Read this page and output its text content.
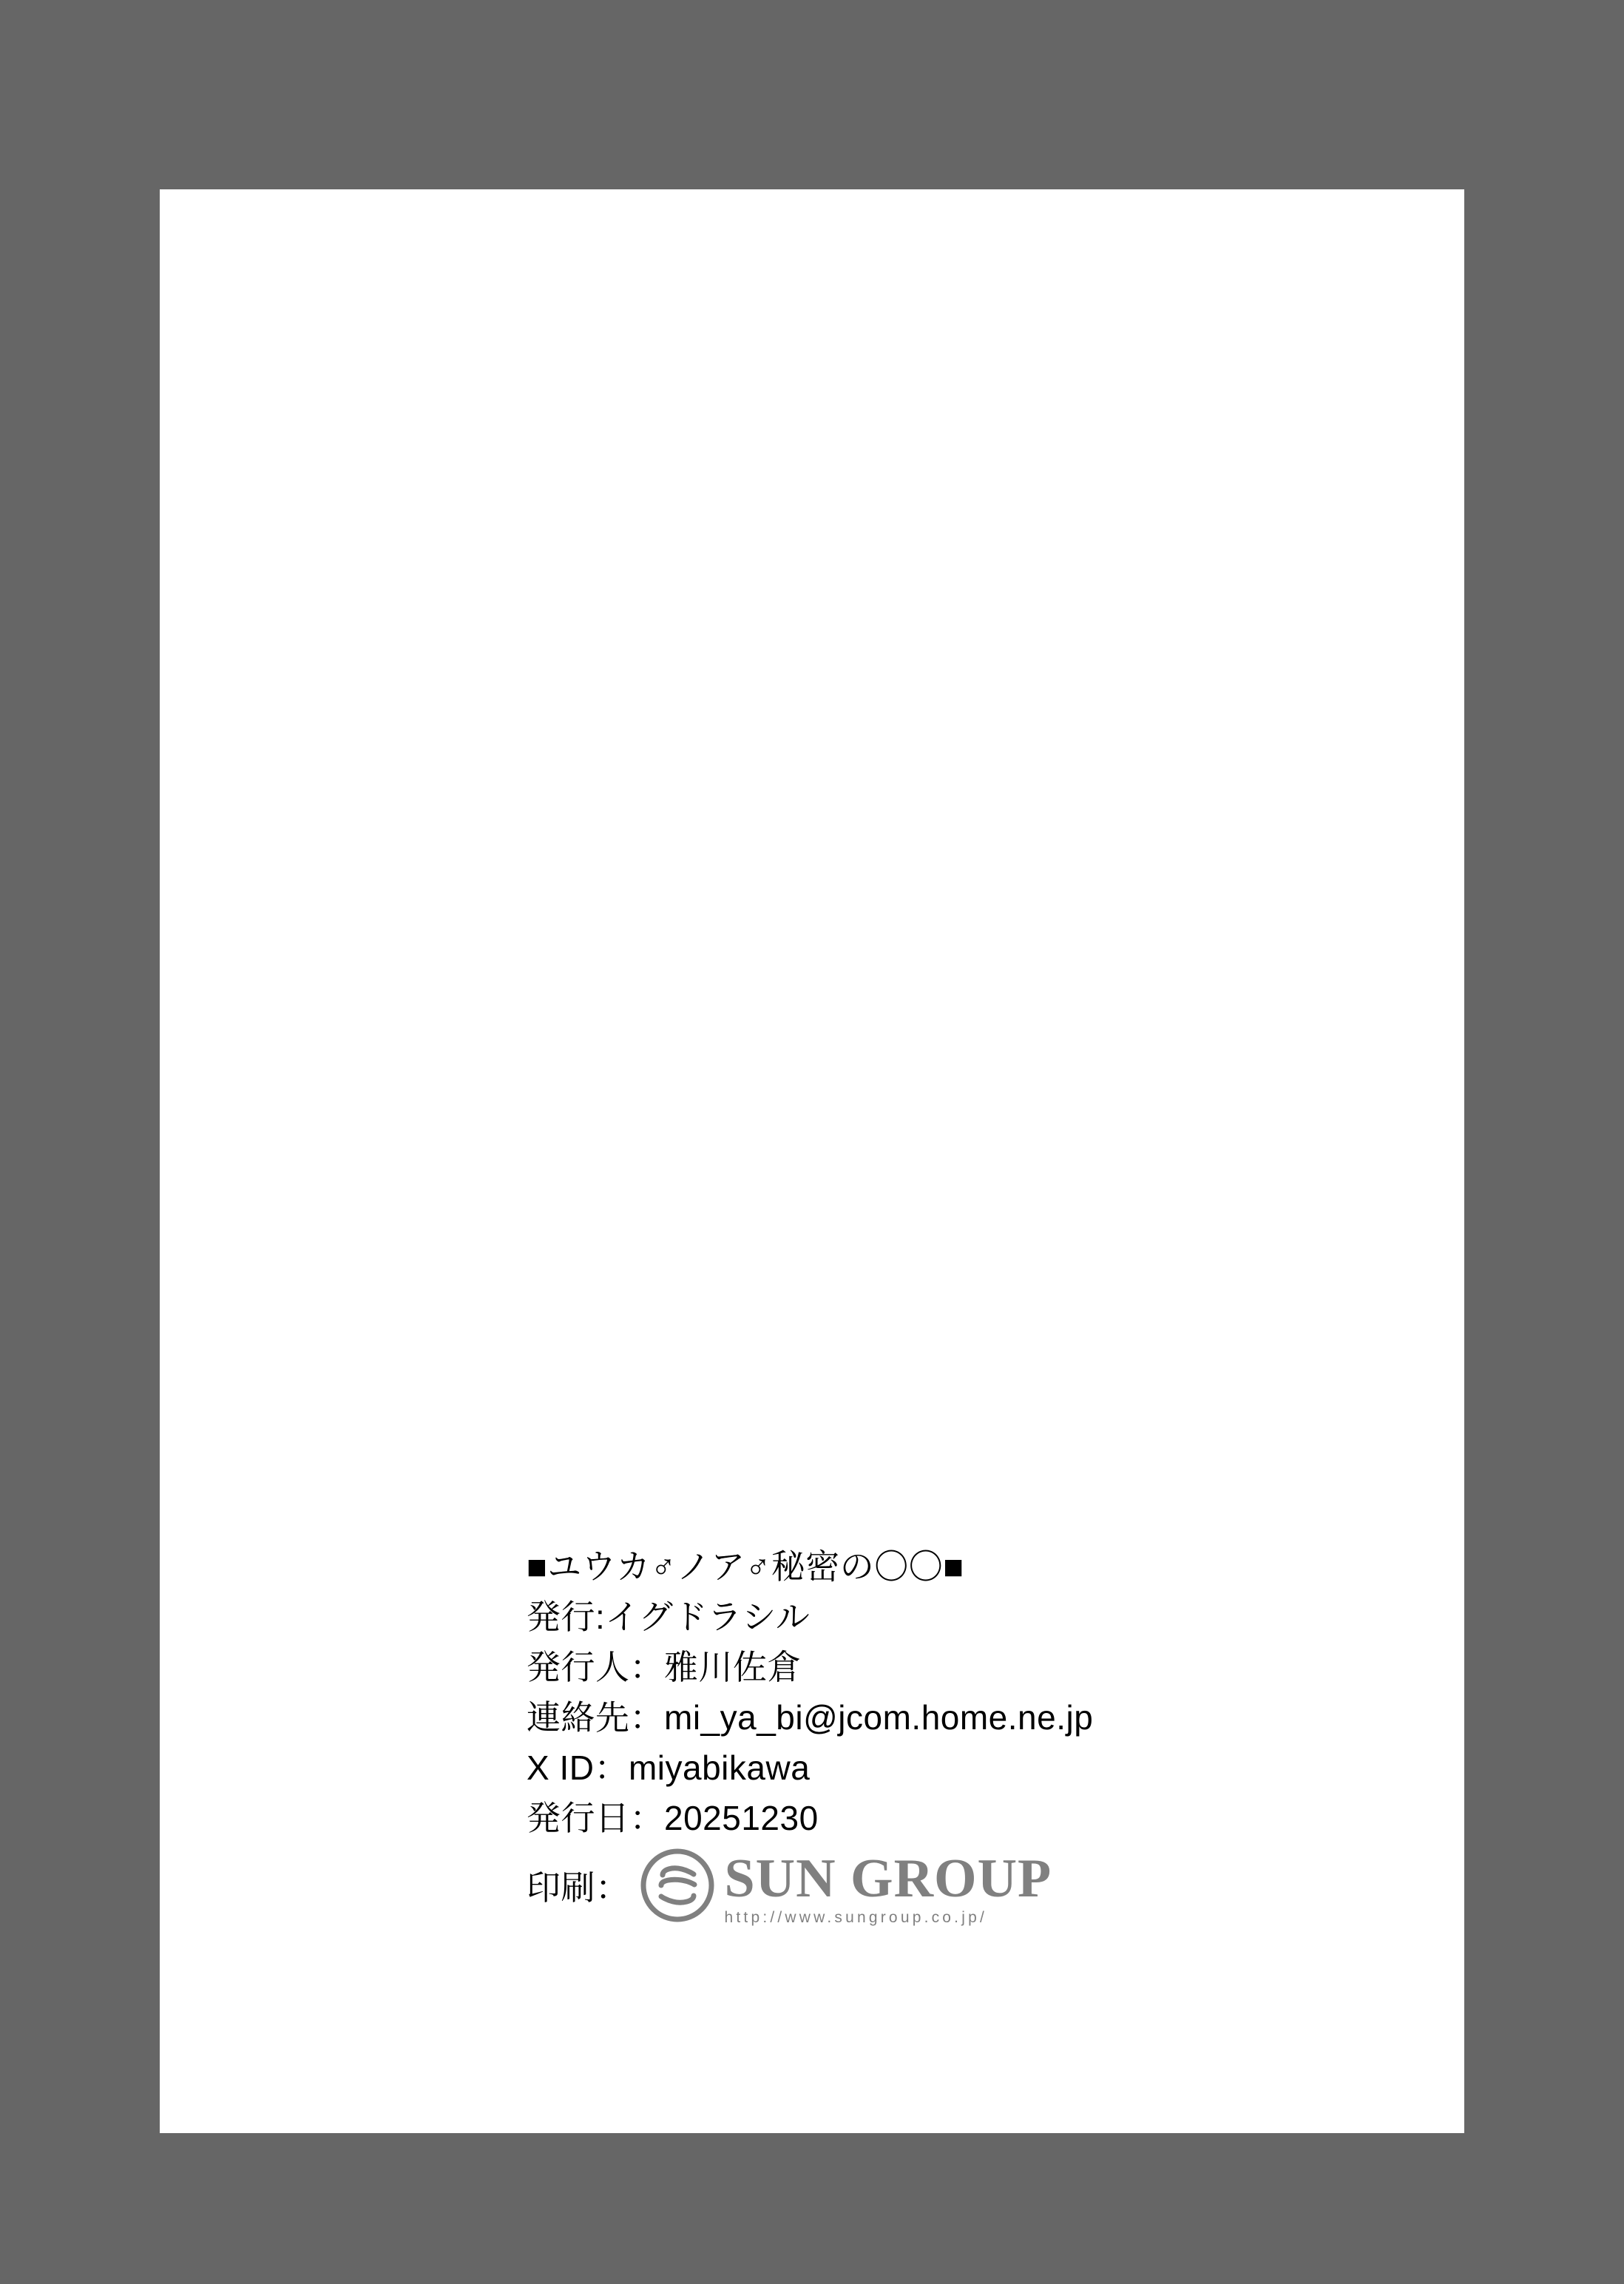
■ユウカ♂ノア♂秘密の〇〇■
発行:イグドラシル
発行人：雅川佐倉
連絡先：mi_ya_bi@jcom.home.ne.jp
X ID：miyabikawa
発行日：20251230
印刷： SUN GROUP
http://www.sungroup.co.jp/
